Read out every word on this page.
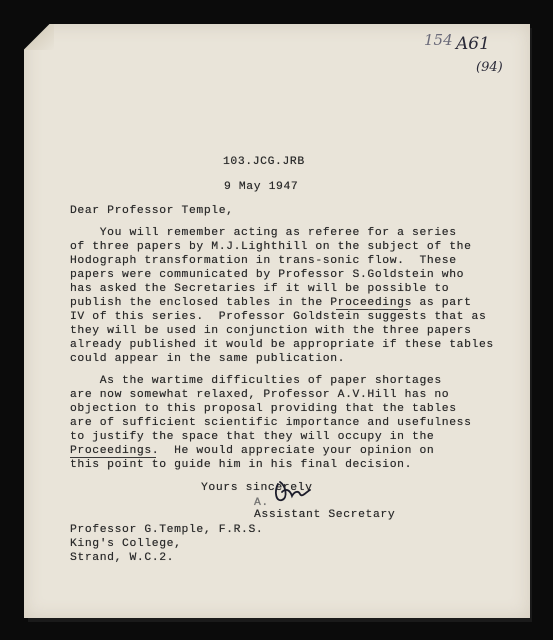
154 A61
(94)
103.JCG.JRB
9 May 1947
Dear Professor Temple,
You will remember acting as referee for a series
of three papers by M.J.Lighthill on the subject of the
Hodograph transformation in trans-sonic flow.  These
papers were communicated by Professor S.Goldstein who
has asked the Secretaries if it will be possible to
publish the enclosed tables in the Proceedings as part
IV of this series.  Professor Goldstein suggests that as
they will be used in conjunction with the three papers
already published it would be appropriate if these tables
could appear in the same publication.
As the wartime difficulties of paper shortages
are now somewhat relaxed, Professor A.V.Hill has no
objection to this proposal providing that the tables
are of sufficient scientific importance and usefulness
to justify the space that they will occupy in the
Proceedings.  He would appreciate your opinion on
this point to guide him in his final decision.
Yours sincerely
A.
Assistant Secretary
Professor G.Temple, F.R.S.
King's College,
Strand, W.C.2.
